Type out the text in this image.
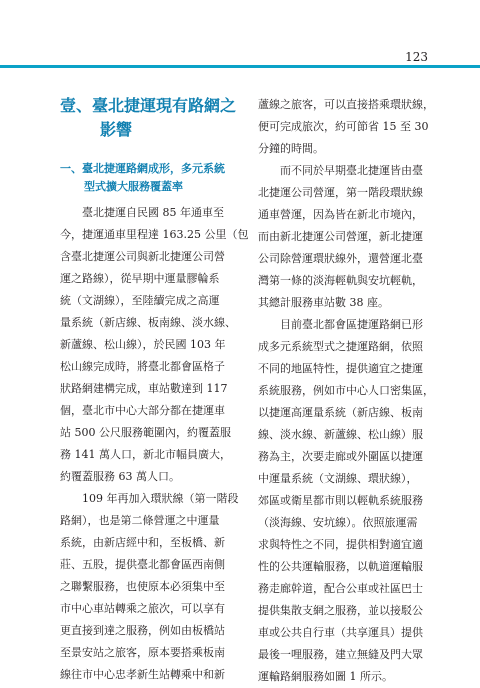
123
壹、臺北捷運現有路網之
影響
一、臺北捷運路網成形，多元系統
型式擴大服務覆蓋率
臺北捷運自民國 85 年通車至
今，捷運通車里程達 163.25 公里（包
含臺北捷運公司與新北捷運公司營
運之路線），從早期中運量膠輪系
統（文湖線），至陸續完成之高運
量系統（新店線、板南線、淡水線、
新蘆線、松山線），於民國 103 年
松山線完成時，將臺北都會區格子
狀路網建構完成，車站數達到 117
個，臺北市中心大部分都在捷運車
站 500 公尺服務範圍內，約覆蓋服
務 141 萬人口，新北市幅員廣大，
約覆蓋服務 63 萬人口。
109 年再加入環狀線（第一階段
路網），也是第二條營運之中運量
系統，由新店經中和，至板橋、新
莊、五股，提供臺北都會區西南側
之聯繫服務，也使原本必須集中至
市中心車站轉乘之旅次，可以享有
更直接到達之服務，例如由板橋站
至景安站之旅客，原本要搭乘板南
線往市中心忠孝新生站轉乘中和新
蘆線之旅客，可以直接搭乘環狀線，
便可完成旅次，約可節省 15 至 30
分鐘的時間。
而不同於早期臺北捷運皆由臺
北捷運公司營運，第一階段環狀線
通車營運，因為皆在新北市境內，
而由新北捷運公司營運，新北捷運
公司除營運環狀線外，還營運北臺
灣第一條的淡海輕軌與安坑輕軌，
其總計服務車站數 38 座。
目前臺北都會區捷運路網已形
成多元系統型式之捷運路網，依照
不同的地區特性，提供適宜之捷運
系統服務，例如市中心人口密集區，
以捷運高運量系統（新店線、板南
線、淡水線、新蘆線、松山線）服
務為主，次要走廊或外圍區以捷運
中運量系統（文湖線、環狀線），
郊區或衛星都市則以輕軌系統服務
（淡海線、安坑線）。依照旅運需
求與特性之不同，提供相對適宜適
性的公共運輸服務，以軌道運輸服
務走廊幹道，配合公車或社區巴士
提供集散支網之服務，並以接駁公
車或公共自行車（共享運具）提供
最後一哩服務，建立無縫及門大眾
運輸路網服務如圖 1 所示。
